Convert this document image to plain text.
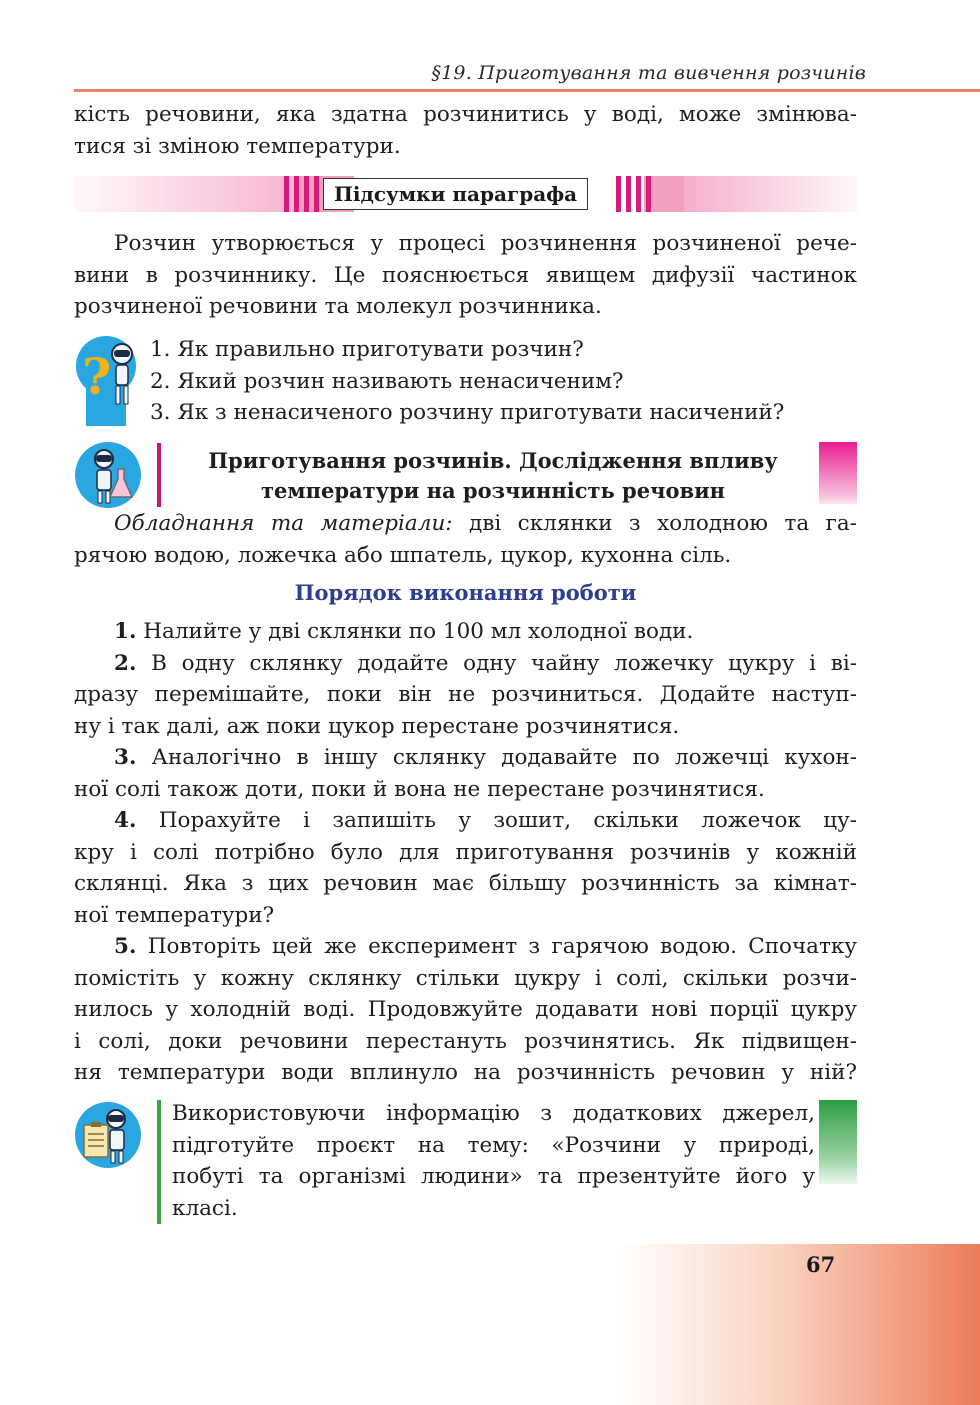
§19. Приготування та вивчення розчинів

кість речовини, яка здатна розчинитись у воді, може змінюва-

тися зі зміною температури.

Підсумки параграфа

Розчин утворюється у процесі розчинення розчиненої рече-

вини в розчиннику. Це пояснюється явищем дифузії частинок

розчиненої речовини та молекул розчинника.

? 1. Як правильно приготувати розчин?
2. Який розчин називають ненасиченим?
3. Як з ненасиченого розчину приготувати насичений?
Приготування розчинів. Дослідження впливу
температури на розчинність речовин

Обладнання та матеріали: дві склянки з холодною та га-

рячою водою, ложечка або шпатель, цукор, кухонна сіль.

Порядок виконання роботи

1. Налийте у дві склянки по 100 мл холодної води.

2. В одну склянку додайте одну чайну ложечку цукру і ві-

дразу перемішайте, поки він не розчиниться. Додайте наступ-

ну і так далі, аж поки цукор перестане розчинятися.

3. Аналогічно в іншу склянку додавайте по ложечці кухон-

ної солі також доти, поки й вона не перестане розчинятися.

4. Порахуйте і запишіть у зошит, скільки ложечок цу-

кру і солі потрібно було для приготування розчинів у кожній

склянці. Яка з цих речовин має більшу розчинність за кімнат-

ної температури?

5. Повторіть цей же експеримент з гарячою водою. Спочатку

помістіть у кожну склянку стільки цукру і солі, скільки розчи-

нилось у холодній воді. Продовжуйте додавати нові порції цукру

і солі, доки речовини перестануть розчинятись. Як підвищен-

ня температури води вплинуло на розчинність речовин у ній?

Використовуючи інформацію з додаткових джерел,

підготуйте проєкт на тему: «Розчини у природі,

побуті та організмі людини» та презентуйте його у

класі.

67
